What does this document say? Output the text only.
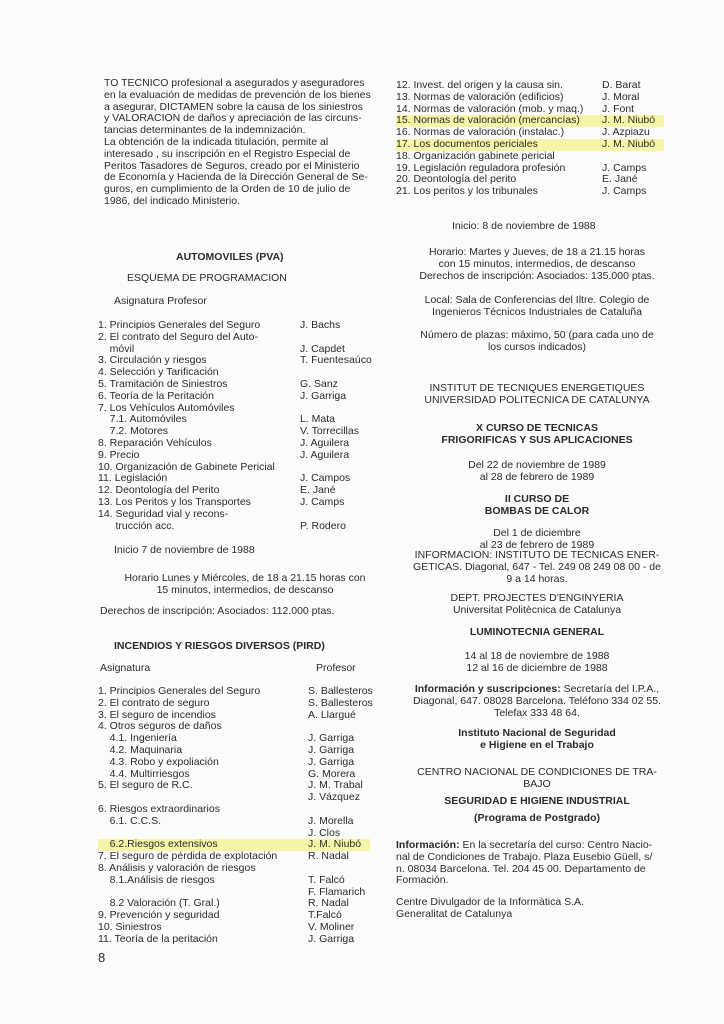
TO TECNICO profesional a asegurados y aseguradores
en la evaluación de medidas de prevención de los bienes
a asegurar, DICTAMEN sobre la causa de los siniestros
y VALORACION de daños y apreciación de las circuns-
tancias determinantes de la indemnización.
La obtención de la indicada titulación, permite al
interesado , su inscripción en el Registro Especial de
Peritos Tasadores de Seguros, creado por el Ministerio
de Economía y Hacienda de la Dirección General de Se-
guros, en cumplimiento de la Orden de 10 de julio de
1986, del indicado Ministerio.
AUTOMOVILES (PVA)
ESQUEMA DE PROGRAMACION
Asignatura Profesor
1. Principios Generales del Seguro	J. Bachs
2. El contrato del Seguro del Auto-
móvil	J. Capdet
3. Circulación y riesgos	T. Fuentesaúco
4. Selección y Tarificación
5. Tramitación de Siniestros	G. Sanz
6. Teoría de la Peritación	J. Garriga
7. Los Vehículos Automóviles
7.1. Automóviles	L. Mata
7.2. Motores	V. Torrecillas
8. Reparación Vehículos	J. Aguilera
9. Precio	J. Aguilera
10. Organización de Gabinete Pericial
11. Legislación	J. Campos
12. Deontología del Perito	E. Jané
13. Los Peritos y los Transportes	J. Camps
14. Seguridad vial y recons-
trucción acc.	P. Rodero
Inicio 7 de noviembre de 1988
Horario Lunes y Miércoles, de 18 a 21.15 horas con
15 minutos, intermedios, de descanso
Derechos de inscripción: Asociados: 112.000 ptas.
INCENDIOS Y RIESGOS DIVERSOS (PIRD)
Asignatura	Profesor
1. Principios Generales del Seguro	S. Ballesteros
2. El contrato de seguro	S. Ballesteros
3. El seguro de incendios	A. Llargué
4. Otros seguros de daños
4.1. Ingeniería	J. Garriga
4.2. Maquinaria	J. Garriga
4.3. Robo y expoliación	J. Garriga
4.4. Multirriesgos	G. Morera
5. El seguro de R.C.	J. M. Trabal
J. Vázquez
6. Riesgos extraordinarios
6.1. C.C.S.	J. Morella
J. Clos
6.2.Riesgos extensivos	J. M. Niubó
7. El seguro de pérdida de explotación	R. Nadal
8. Análisis y valoración de riesgos
8.1.Análisis de riesgos	T. Falcó
F. Flamarich
8.2 Valoración (T. Gral.)	R. Nadal
9. Prevención y seguridad	T.Falcó
10. Siniestros	V. Moliner
11. Teoría de la peritación	J. Garriga
8
12. Invest. del origen y la causa sin.	D. Barat
13. Normas de valoración (edificios)	J. Moral
14. Normas de valoración (mob. y maq.) J. Font
15. Normas de valoración (mercancías) J. M. Niubó
16. Normas de valoración (instalac.)	J. Azpiazu
17. Los documentos periciales	J. M. Niubó
18. Organización gabinete pericial
19. Legislación reguladora profesión	J. Camps
20. Deontología del perito	E. Jané
21. Los peritos y los tribunales	J. Camps
Inicio: 8 de noviembre de 1988
Horario: Martes y Jueves, de 18 a 21.15 horas
con 15 minutos, intermedios, de descanso
Derechos de inscripción: Asociados: 135.000 ptas.
Local: Sala de Conferencias del Iltre. Colegio de
Ingenieros Técnicos Industriales de Cataluña
Número de plazas: máximo, 50 (para cada uno de
los cursos indicados)
INSTITUT DE TECNIQUES ENERGETIQUES
UNIVERSIDAD POLITECNICA DE CATALUNYA
X CURSO DE TECNICAS
FRIGORIFICAS Y SUS APLICACIONES
Del 22 de noviembre de 1989
al 28 de febrero de 1989
II CURSO DE
BOMBAS DE CALOR
Del 1 de diciembre
al 23 de febrero de 1989
INFORMACION: INSTITUTO DE TECNICAS ENER-
GETICAS. Diagonal, 647 - Tel. 249 08 249 08 00 - de
9 a 14 horas.
DEPT. PROJECTES D'ENGINYERIA
Universitat Politècnica de Catalunya
LUMINOTECNIA GENERAL
14 al 18 de noviembre de 1988
12 al 16 de diciembre de 1988
Información y suscripciones: Secretaría del I.P.A.,
Diagonal, 647. 08028 Barcelona. Teléfono 334 02 55.
Telefax 333 48 64.
Instituto Nacional de Seguridad
e Higiene en el Trabajo
CENTRO NACIONAL DE CONDICIONES DE TRA-
BAJO
SEGURIDAD E HIGIENE INDUSTRIAL
(Programa de Postgrado)
Información: En la secretaría del curso: Centro Nacio-
nal de Condiciones de Trabajo. Plaza Eusebio Güell, s/
n. 08034 Barcelona. Tel. 204 45 00. Departamento de
Formación.
Centre Divulgador de la Informàtica S.A.
Generalitat de Catalunya
